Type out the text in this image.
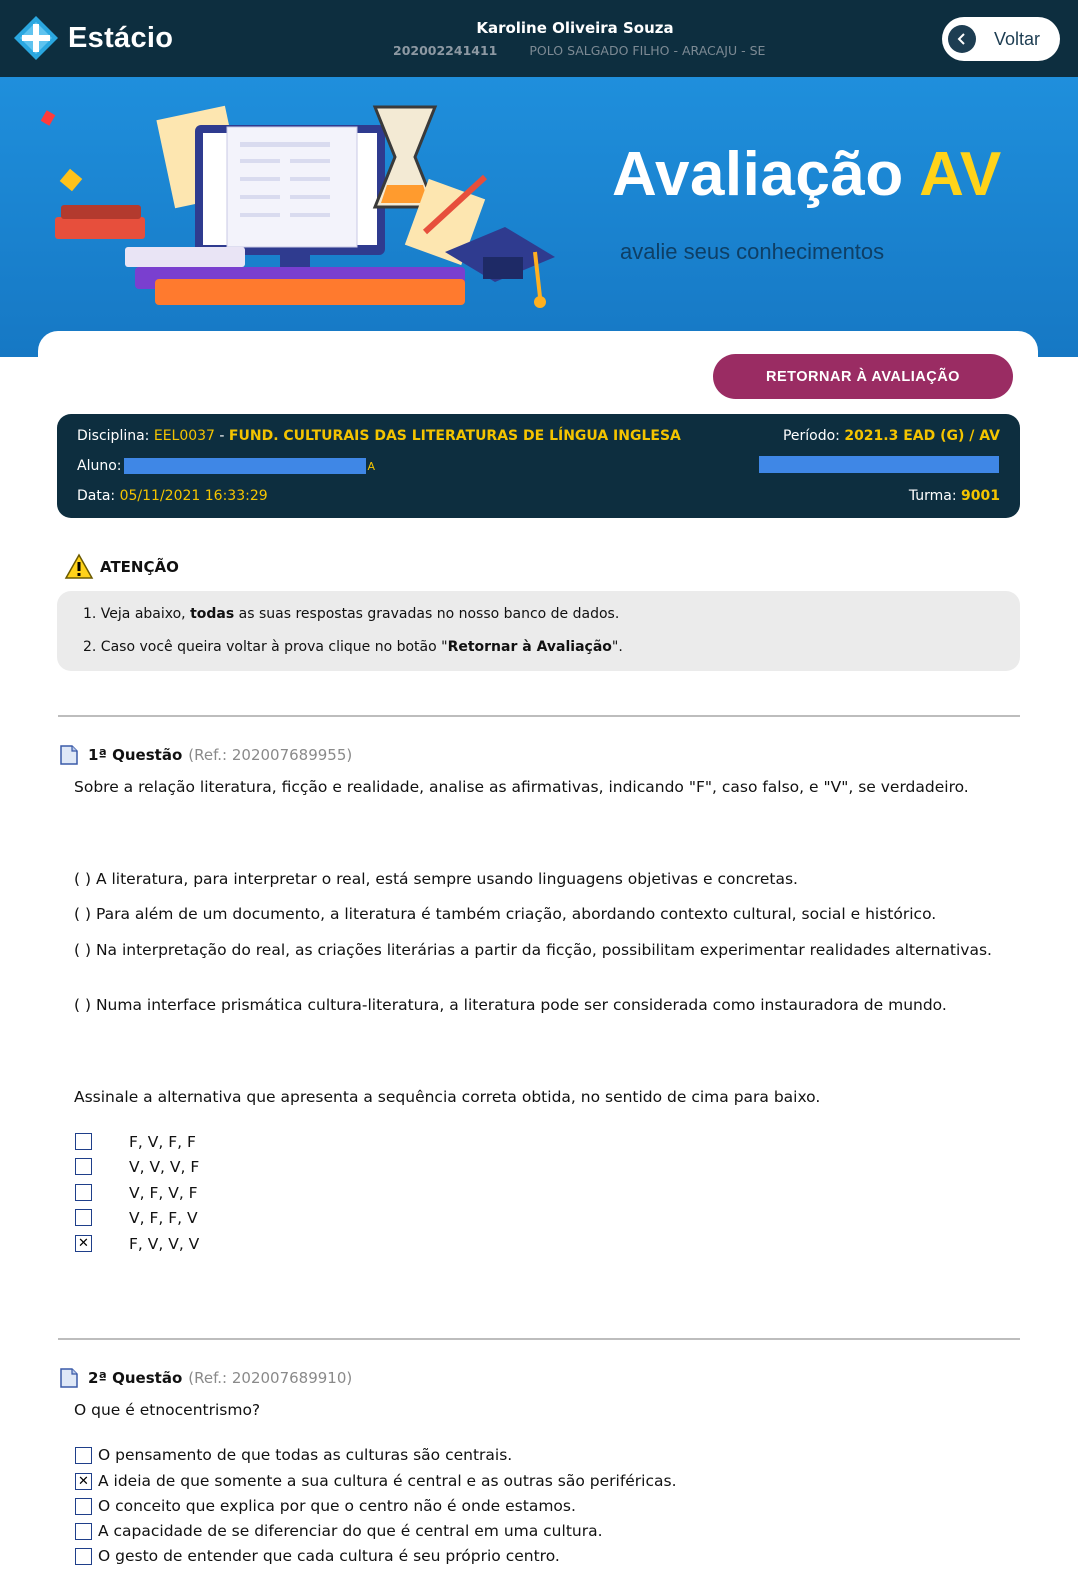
Estácio	Karoline Oliveira Souza
202002241411	POLO SALGADO FILHO - ARACAJU - SE
Voltar
Avaliação AV
avalie seus conhecimentos
RETORNAR À AVALIAÇÃO
Disciplina: EEL0037 - FUND. CULTURAIS DAS LITERATURAS DE LÍNGUA INGLESA	Período: 2021.3 EAD (G) / AV
Aluno:	A
Data: 05/11/2021 16:33:29	Turma: 9001
ATENÇÃO

1. Veja abaixo, todas as suas respostas gravadas no nosso banco de dados.

2. Caso você queira voltar à prova clique no botão "Retornar à Avaliação".

1ª Questão (Ref.: 202007689955)
Sobre a relação literatura, ficção e realidade, analise as afirmativas, indicando "F", caso falso, e "V", se verdadeiro.
( ) A literatura, para interpretar o real, está sempre usando linguagens objetivas e concretas.
( ) Para além de um documento, a literatura é também criação, abordando contexto cultural, social e histórico.
( ) Na interpretação do real, as criações literárias a partir da ficção, possibilitam experimentar realidades alternativas.
( ) Numa interface prismática cultura-literatura, a literatura pode ser considerada como instauradora de mundo.
Assinale a alternativa que apresenta a sequência correta obtida, no sentido de cima para baixo.
F, V, F, F
V, V, V, F
V, F, V, F
V, F, F, V
✕
F, V, V, V
2ª Questão (Ref.: 202007689910)
O que é etnocentrismo?
O pensamento de que todas as culturas são centrais.
✕
A ideia de que somente a sua cultura é central e as outras são periféricas.
O conceito que explica por que o centro não é onde estamos.
A capacidade de se diferenciar do que é central em uma cultura.
O gesto de entender que cada cultura é seu próprio centro.
